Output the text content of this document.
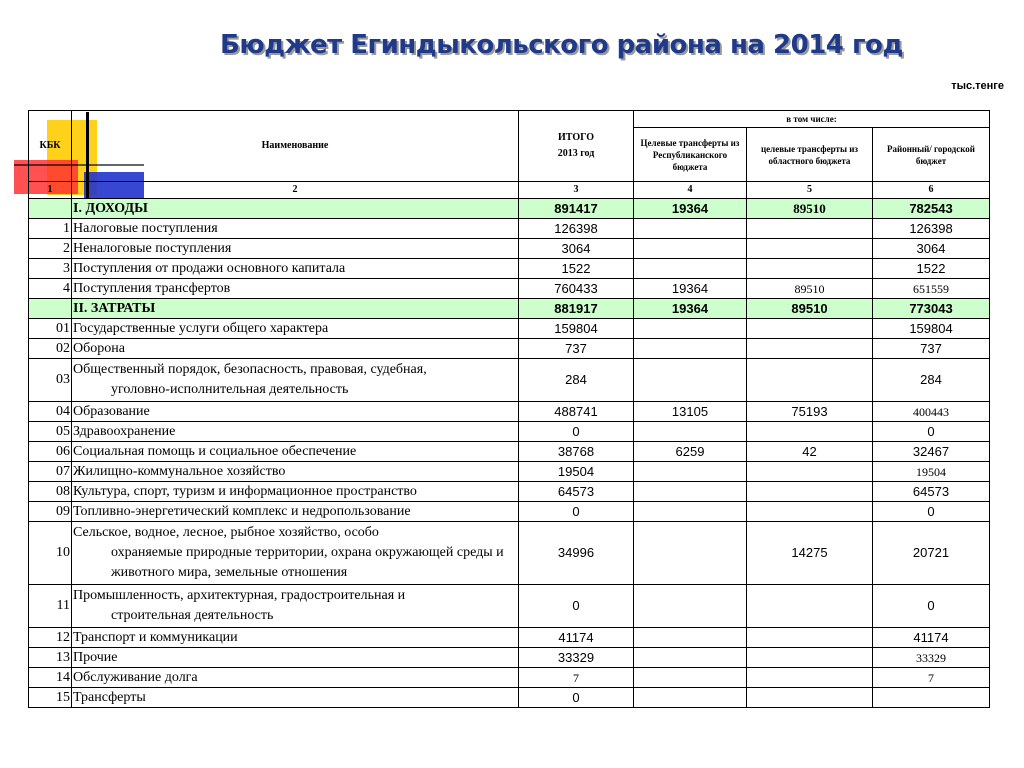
Бюджет Егиндыкольского района на 2014 год
тыс.тенге
КБК	Наименование	ИТОГО
2013 год	в том числе:		
			Целевые трансферты из Республиканского бюджета	целевые трансферты из областного бюджета	Районный/ городской бюджет
1	2	3	4	5	6
	I. ДОХОДЫ	891417	19364	89510	782543
1	Налоговые поступления	126398			126398
2	Неналоговые поступления	3064			3064
3	Поступления от продажи основного капитала	1522			1522
4	Поступления трансфертов	760433	19364	89510	651559
	II. ЗАТРАТЫ	881917	19364	89510	773043
01	Государственные услуги общего характера	159804			159804
02	Оборона	737			737
03	Общественный порядок, безопасность, правовая, судебная,
уголовно-исполнительная деятельность	284			284
04	Образование	488741	13105	75193	400443
05	Здравоохранение	0			0
06	Социальная помощь и социальное обеспечение	38768	6259	42	32467
07	Жилищно-коммунальное хозяйство	19504			19504
08	Культура, спорт, туризм и информационное пространство	64573			64573
09	Топливно-энергетический комплекс и недропользование	0			0
10	Сельское, водное, лесное, рыбное хозяйство, особо
охраняемые природные территории, охрана окружающей среды и животного мира, земельные отношения	34996		14275	20721
11	Промышленность, архитектурная, градостроительная и
строительная деятельность	0			0
12	Транспорт и коммуникации	41174			41174
13	Прочие	33329			33329
14	Обслуживание долга	7			7
15	Трансферты	0			
